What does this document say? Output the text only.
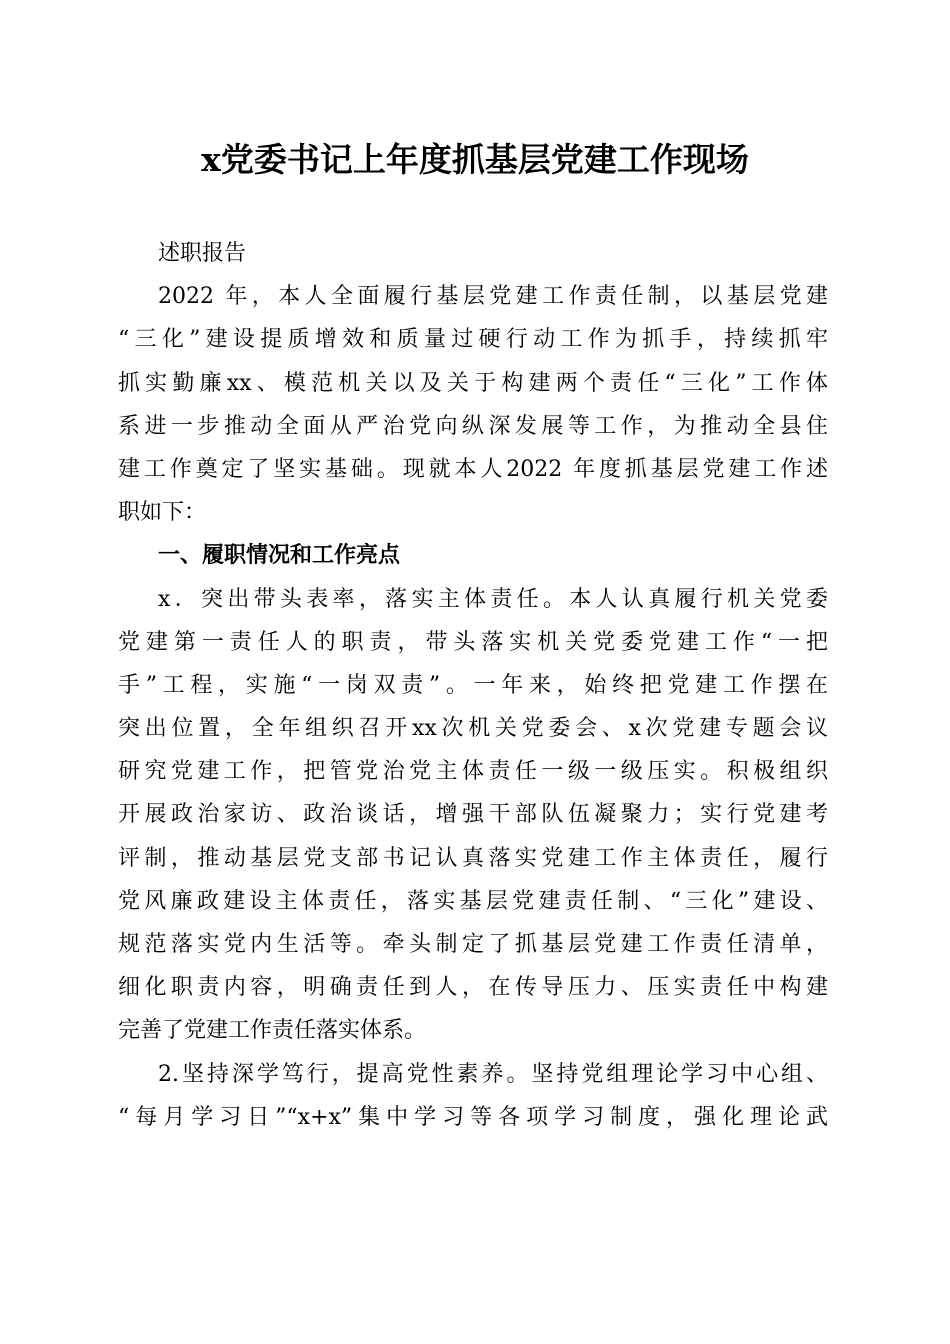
x党委书记上年度抓基层党建工作现场
述职报告
2022 年，本人全面履行基层党建工作责任制，以基层党建
“三化”建设提质增效和质量过硬行动工作为抓手，持续抓牢
抓实勤廉xx、模范机关以及关于构建两个责任“三化”工作体
系进一步推动全面从严治党向纵深发展等工作，为推动全县住
建工作奠定了坚实基础。现就本人2022 年度抓基层党建工作述
职如下：
一、履职情况和工作亮点
x．突出带头表率，落实主体责任。本人认真履行机关党委
党建第一责任人的职责，带头落实机关党委党建工作“一把
手”工程，实施“一岗双责”。一年来，始终把党建工作摆在
突出位置，全年组织召开xx次机关党委会、x次党建专题会议
研究党建工作，把管党治党主体责任一级一级压实。积极组织
开展政治家访、政治谈话，增强干部队伍凝聚力；实行党建考
评制，推动基层党支部书记认真落实党建工作主体责任，履行
党风廉政建设主体责任，落实基层党建责任制、“三化”建设、
规范落实党内生活等。牵头制定了抓基层党建工作责任清单，
细化职责内容，明确责任到人，在传导压力、压实责任中构建
完善了党建工作责任落实体系。
2.坚持深学笃行，提高党性素养。坚持党组理论学习中心组、
“每月学习日”“x+x”集中学习等各项学习制度，强化理论武
